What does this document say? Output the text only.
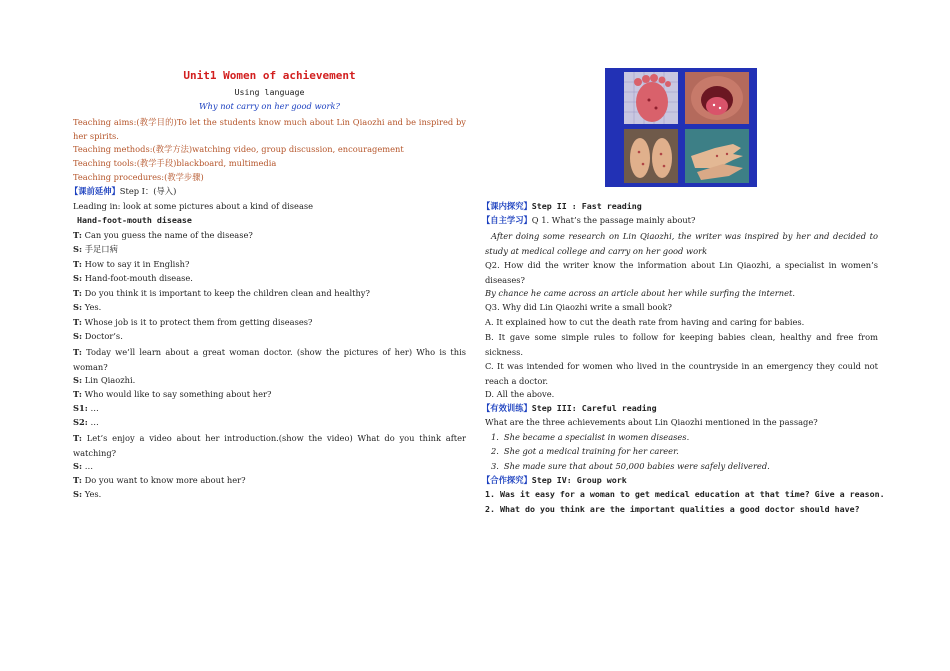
Unit1 Women of achievement
Using language
Why not carry on her good work?
Teaching aims:(教学目的)To let the students know much about Lin Qiaozhi and be inspired by her spirits.
Teaching methods:(教学方法)watching video, group discussion, encouragement
Teaching tools:(教学手段)blackboard, multimedia
Teaching procedures:(教学步骤)
【课前延伸】Step I：(导入)
Leading in: look at some pictures about a kind of disease
Hand-foot-mouth disease
T: Can you guess the name of the disease?
S: 手足口病
T: How to say it in English?
S: Hand-foot-mouth disease.
T: Do you think it is important to keep the children clean and healthy?
S: Yes.
T: Whose job is it to protect them from getting diseases?
S: Doctor’s.
T: Today we’ll learn about a great woman doctor. (show the pictures of her) Who is this woman?
S: Lin Qiaozhi.
T: Who would like to say something about her?
S1: …
S2: …
T: Let’s enjoy a video about her introduction.(show the video) What do you think after watching?
S: …
T: Do you want to know more about her?
S: Yes.
【课内探究】Step II : Fast reading
【自主学习】Q 1. What’s the passage mainly about?
After doing some research on Lin Qiaozhi, the writer was inspired by her and decided to study at medical college and carry on her good work
Q2. How did the writer know the information about Lin Qiaozhi, a specialist in women’s diseases?
By chance he came across an article about her while surfing the internet.
Q3. Why did Lin Qiaozhi write a small book?
A. It explained how to cut the death rate from having and caring for babies.
B. It gave some simple rules to follow for keeping babies clean, healthy and free from sickness.
C. It was intended for women who lived in the countryside in an emergency they could not reach a doctor.
D. All the above.
【有效训练】Step III: Careful reading
What are the three achievements about Lin Qiaozhi mentioned in the passage?
1. She became a specialist in women diseases.
2. She got a medical training for her career.
3. She made sure that about 50,000 babies were safely delivered.
【合作探究】Step IV: Group work
1. Was it easy for a woman to get medical education at that time? Give a reason.
2. What do you think are the important qualities a good doctor should have?
